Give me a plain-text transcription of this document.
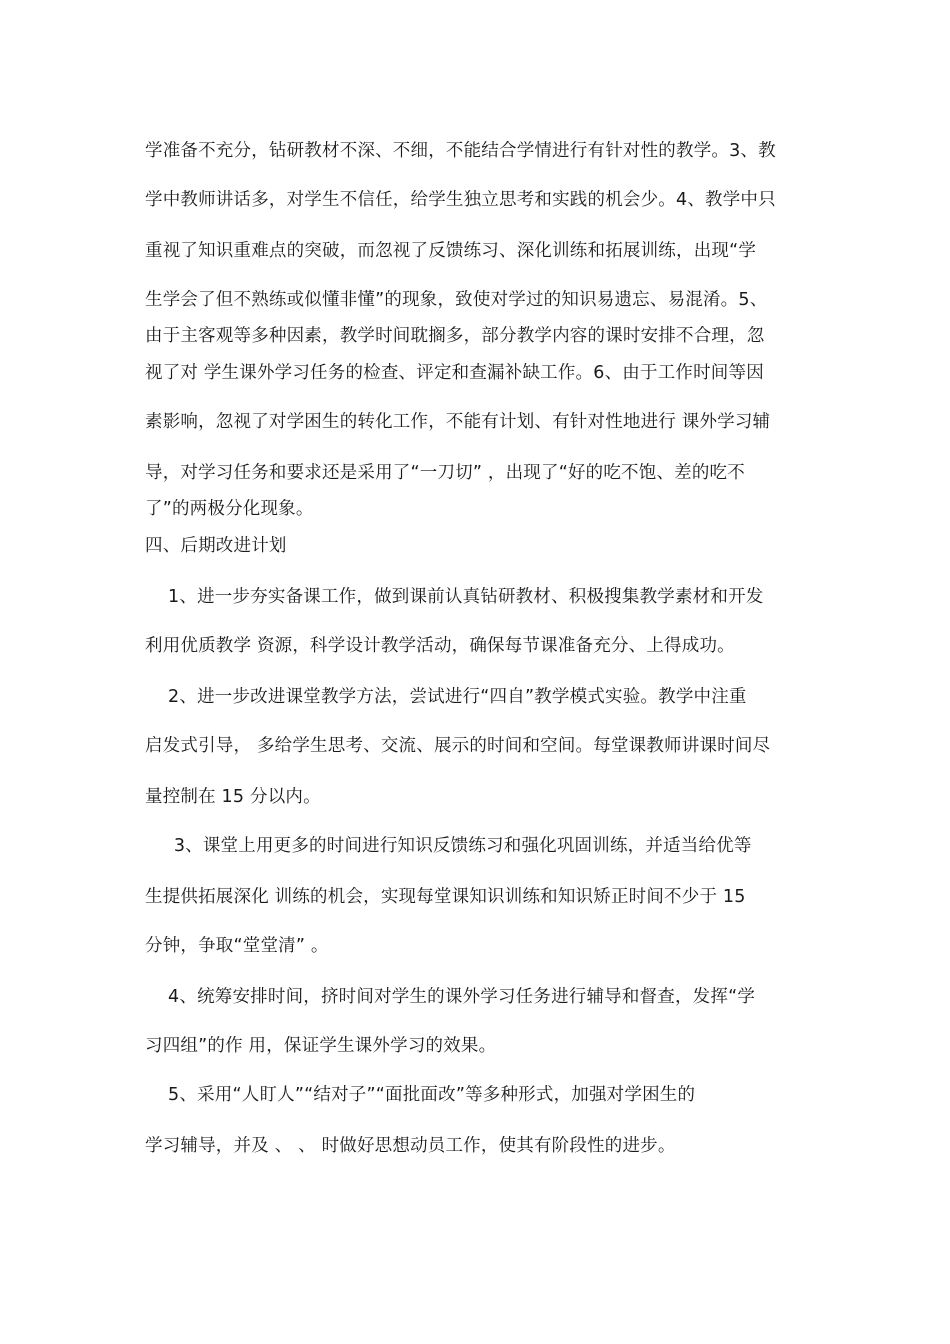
学准备不充分，钻研教材不深、不细，不能结合学情进行有针对性的教学。3、教
学中教师讲话多，对学生不信任，给学生独立思考和实践的机会少。4、教学中只
重视了知识重难点的突破，而忽视了反馈练习、深化训练和拓展训练，出现“学
生学会了但不熟练或似懂非懂”的现象，致使对学过的知识易遗忘、易混淆。5、
由于主客观等多种因素，教学时间耽搁多，部分教学内容的课时安排不合理，忽
视了对 学生课外学习任务的检查、评定和查漏补缺工作。6、由于工作时间等因
素影响，忽视了对学困生的转化工作，不能有计划、有针对性地进行 课外学习辅
导，对学习任务和要求还是采用了“一刀切” ，出现了“好的吃不饱、差的吃不
了”的两极分化现象。
四、后期改进计划
1、进一步夯实备课工作，做到课前认真钻研教材、积极搜集教学素材和开发
利用优质教学 资源，科学设计教学活动，确保每节课准备充分、上得成功。
2、进一步改进课堂教学方法，尝试进行“四自”教学模式实验。教学中注重
启发式引导， 多给学生思考、交流、展示的时间和空间。每堂课教师讲课时间尽
量控制在 15 分以内。
3、课堂上用更多的时间进行知识反馈练习和强化巩固训练，并适当给优等
生提供拓展深化 训练的机会，实现每堂课知识训练和知识矫正时间不少于 15
分钟，争取“堂堂清” 。
4、统筹安排时间，挤时间对学生的课外学习任务进行辅导和督查，发挥“学
习四组”的作 用，保证学生课外学习的效果。
5、采用“人盯人”“结对子”“面批面改”等多种形式，加强对学困生的
学习辅导，并及 、 、 时做好思想动员工作，使其有阶段性的进步。
